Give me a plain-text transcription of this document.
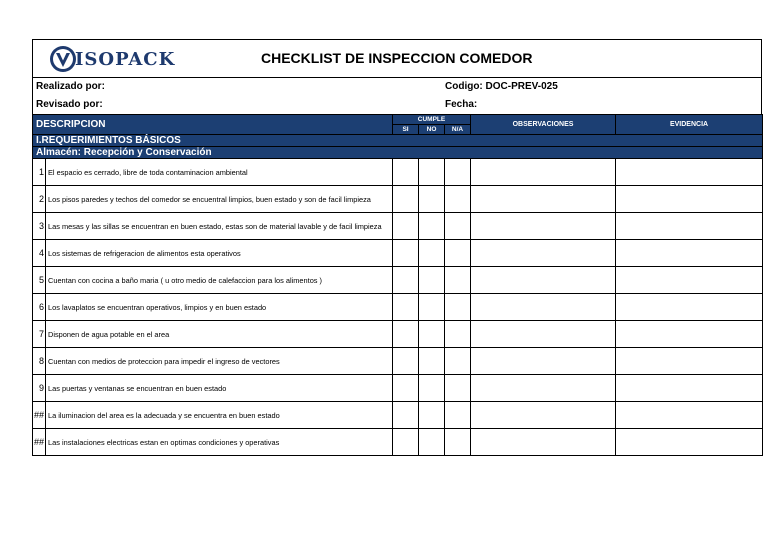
ISOPACK	CHECKLIST DE INSPECCION COMEDOR
Realizado por:	Codigo: DOC-PREV-025
Revisado por:	Fecha:
DESCRIPCION		CUMPLE			OBSERVACIONES	EVIDENCIA
		SI	NO	N/A		
I.REQUERIMIENTOS BÁSICOS						
Almacén: Recepción y Conservación						
1	El espacio es cerrado, libre de toda contaminacion ambiental					
2	Los pisos paredes y techos del comedor se encuentral limpios, buen estado y son de facil limpieza					
3	Las mesas y las sillas se encuentran en buen estado, estas son de material lavable y de facil limpieza					
4	Los sistemas de refrigeracion de alimentos esta operativos					
5	Cuentan con cocina a baño maria ( u otro medio de calefaccion para los alimentos )					
6	Los lavaplatos se encuentran operativos, limpios y en buen estado					
7	Disponen de agua potable en el area					
8	Cuentan con medios de proteccion para impedir el ingreso de vectores					
9	Las puertas y ventanas se encuentran en buen estado					
##	La iluminacion del area es la adecuada y se encuentra en buen estado					
##	Las instalaciones electricas estan en optimas condiciones y operativas					
